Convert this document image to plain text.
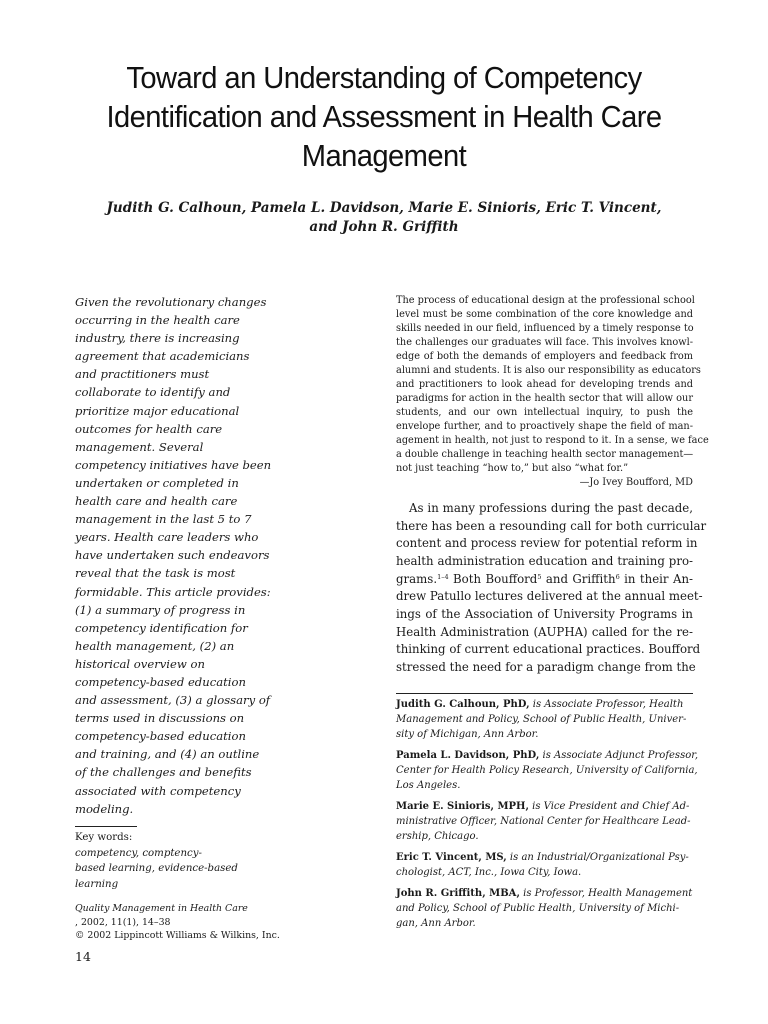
Toward an Understanding of Competency
Identification and Assessment in Health Care
Management
Judith G. Calhoun, Pamela L. Davidson, Marie E. Sinioris, Eric T. Vincent,
and John R. Griffith
Given the revolutionary changes
occurring in the health care
industry, there is increasing
agreement that academicians
and practitioners must
collaborate to identify and
prioritize major educational
outcomes for health care
management. Several
competency initiatives have been
undertaken or completed in
health care and health care
management in the last 5 to 7
years. Health care leaders who
have undertaken such endeavors
reveal that the task is most
formidable. This article provides:
(1) a summary of progress in
competency identification for
health management, (2) an
historical overview on
competency-based education
and assessment, (3) a glossary of
terms used in discussions on
competency-based education
and training, and (4) an outline
of the challenges and benefits
associated with competency
modeling.
Key words:
competency, comptency-
based learning, evidence-based
learning
Quality Management in Health Care
, 2002, 11(1), 14–38
© 2002 Lippincott Williams & Wilkins, Inc.
14
The process of educational design at the professional school
level must be some combination of the core knowledge and
skills needed in our field, influenced by a timely response to
the challenges our graduates will face. This involves knowl-
edge of both the demands of employers and feedback from
alumni and students. It is also our responsibility as educators
and practitioners to look ahead for developing trends and
paradigms for action in the health sector that will allow our
students, and our own intellectual inquiry, to push the
envelope further, and to proactively shape the field of man-
agement in health, not just to respond to it. In a sense, we face
a double challenge in teaching health sector management—
not just teaching “how to,” but also “what for.”
—Jo Ivey Boufford, MD
As in many professions during the past decade,
there has been a resounding call for both curricular
content and process review for potential reform in
health administration education and training pro-
grams.$^{1-4}$ Both Boufford$^5$ and Griffith$^6$ in their An-
drew Patullo lectures delivered at the annual meet-
ings of the Association of University Programs in
Health Administration (AUPHA) called for the re-
thinking of current educational practices. Boufford
stressed the need for a paradigm change from the
Judith G. Calhoun, PhD, is Associate Professor, Health
Management and Policy, School of Public Health, Univer-
sity of Michigan, Ann Arbor.
Pamela L. Davidson, PhD, is Associate Adjunct Professor,
Center for Health Policy Research, University of California,
Los Angeles.
Marie E. Sinioris, MPH, is Vice President and Chief Ad-
ministrative Officer, National Center for Healthcare Lead-
ership, Chicago.
Eric T. Vincent, MS, is an Industrial/Organizational Psy-
chologist, ACT, Inc., Iowa City, Iowa.
John R. Griffith, MBA, is Professor, Health Management
and Policy, School of Public Health, University of Michi-
gan, Ann Arbor.
